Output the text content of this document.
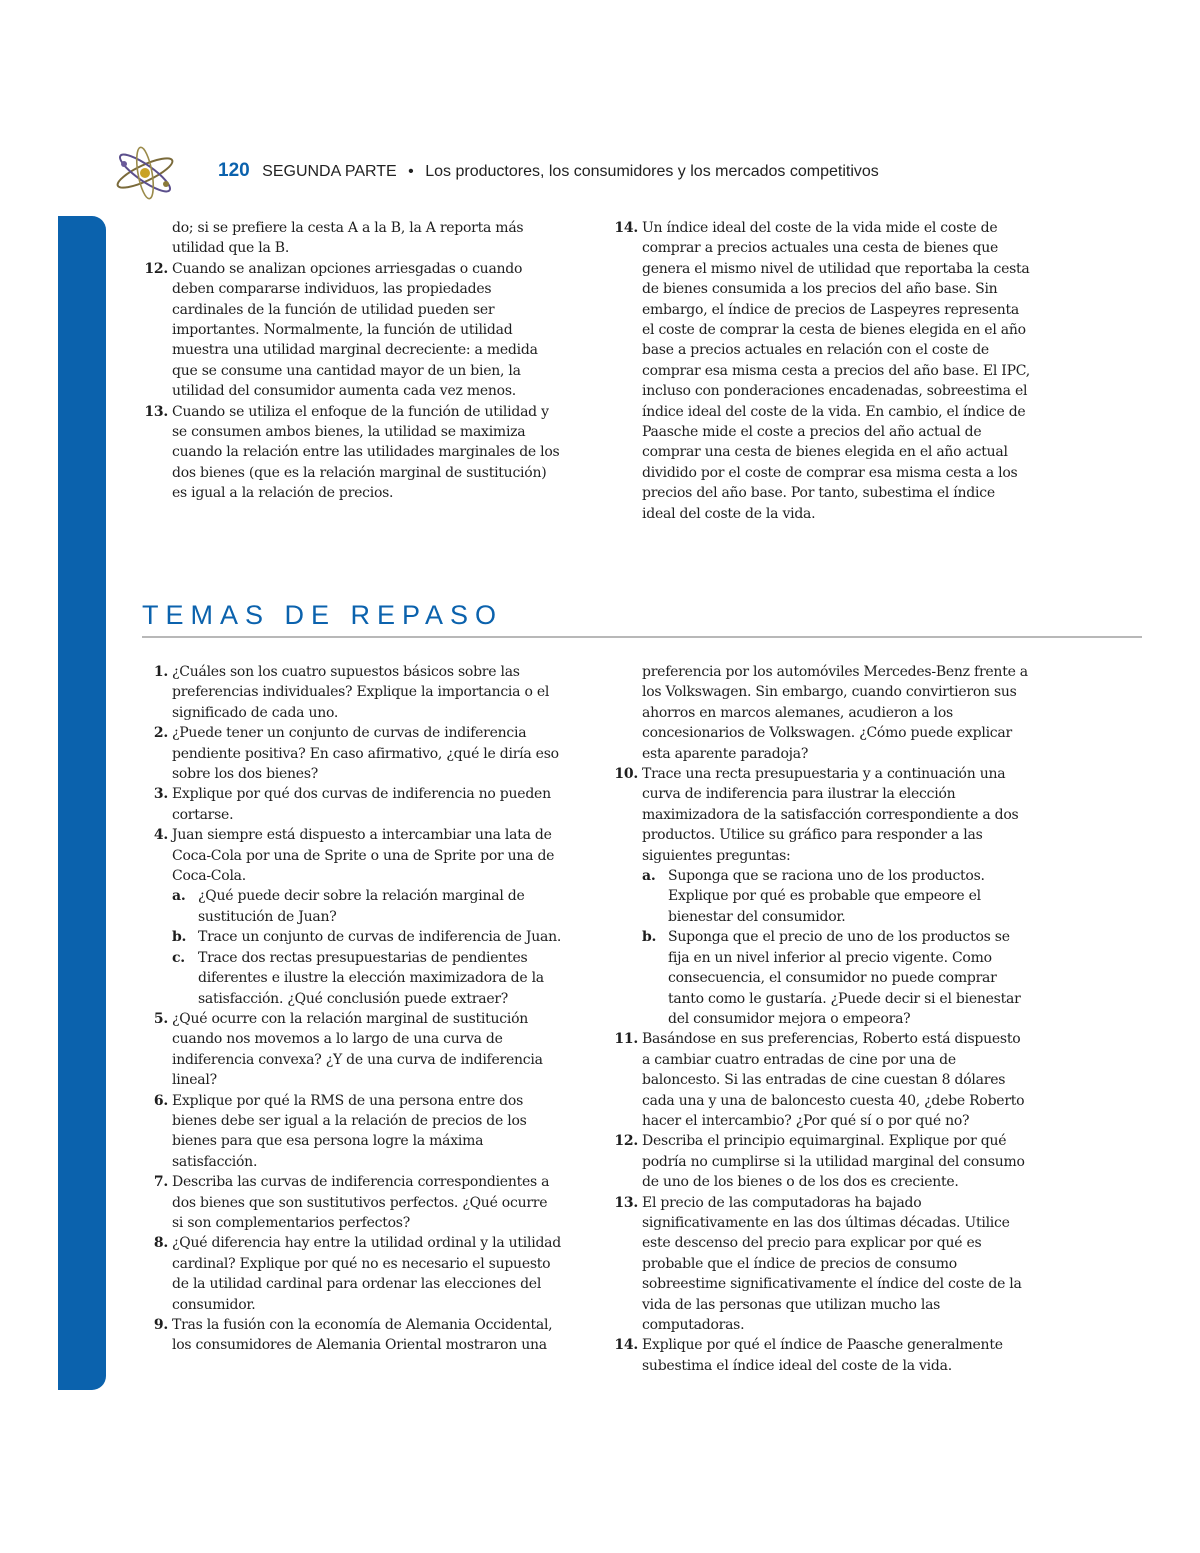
120 SEGUNDA PARTE • Los productores, los consumidores y los mercados competitivos
do; si se prefiere la cesta A a la B, la A reporta más utilidad que la B.
12. Cuando se analizan opciones arriesgadas o cuando deben compararse individuos, las propiedades cardinales de la función de utilidad pueden ser importantes. Normalmente, la función de utilidad muestra una utilidad marginal decreciente: a medida que se consume una cantidad mayor de un bien, la utilidad del consumidor aumenta cada vez menos.
13. Cuando se utiliza el enfoque de la función de utilidad y se consumen ambos bienes, la utilidad se maximiza cuando la relación entre las utilidades marginales de los dos bienes (que es la relación marginal de sustitución) es igual a la relación de precios.
14. Un índice ideal del coste de la vida mide el coste de comprar a precios actuales una cesta de bienes que genera el mismo nivel de utilidad que reportaba la cesta de bienes consumida a los precios del año base. Sin embargo, el índice de precios de Laspeyres representa el coste de comprar la cesta de bienes elegida en el año base a precios actuales en relación con el coste de comprar esa misma cesta a precios del año base. El IPC, incluso con ponderaciones encadenadas, sobreestima el índice ideal del coste de la vida. En cambio, el índice de Paasche mide el coste a precios del año actual de comprar una cesta de bienes elegida en el año actual dividido por el coste de comprar esa misma cesta a los precios del año base. Por tanto, subestima el índice ideal del coste de la vida.
TEMAS DE REPASO
1. ¿Cuáles son los cuatro supuestos básicos sobre las preferencias individuales? Explique la importancia o el significado de cada uno.
2. ¿Puede tener un conjunto de curvas de indiferencia pendiente positiva? En caso afirmativo, ¿qué le diría eso sobre los dos bienes?
3. Explique por qué dos curvas de indiferencia no pueden cortarse.
4. Juan siempre está dispuesto a intercambiar una lata de Coca-Cola por una de Sprite o una de Sprite por una de Coca-Cola.
a. ¿Qué puede decir sobre la relación marginal de sustitución de Juan?
b. Trace un conjunto de curvas de indiferencia de Juan.
c. Trace dos rectas presupuestarias de pendientes diferentes e ilustre la elección maximizadora de la satisfacción. ¿Qué conclusión puede extraer?
5. ¿Qué ocurre con la relación marginal de sustitución cuando nos movemos a lo largo de una curva de indiferencia convexa? ¿Y de una curva de indiferencia lineal?
6. Explique por qué la RMS de una persona entre dos bienes debe ser igual a la relación de precios de los bienes para que esa persona logre la máxima satisfacción.
7. Describa las curvas de indiferencia correspondientes a dos bienes que son sustitutivos perfectos. ¿Qué ocurre si son complementarios perfectos?
8. ¿Qué diferencia hay entre la utilidad ordinal y la utilidad cardinal? Explique por qué no es necesario el supuesto de la utilidad cardinal para ordenar las elecciones del consumidor.
9. Tras la fusión con la economía de Alemania Occidental, los consumidores de Alemania Oriental mostraron una
preferencia por los automóviles Mercedes-Benz frente a los Volkswagen. Sin embargo, cuando convirtieron sus ahorros en marcos alemanes, acudieron a los concesionarios de Volkswagen. ¿Cómo puede explicar esta aparente paradoja?
10. Trace una recta presupuestaria y a continuación una curva de indiferencia para ilustrar la elección maximizadora de la satisfacción correspondiente a dos productos. Utilice su gráfico para responder a las siguientes preguntas:
a. Suponga que se raciona uno de los productos. Explique por qué es probable que empeore el bienestar del consumidor.
b. Suponga que el precio de uno de los productos se fija en un nivel inferior al precio vigente. Como consecuencia, el consumidor no puede comprar tanto como le gustaría. ¿Puede decir si el bienestar del consumidor mejora o empeora?
11. Basándose en sus preferencias, Roberto está dispuesto a cambiar cuatro entradas de cine por una de baloncesto. Si las entradas de cine cuestan 8 dólares cada una y una de baloncesto cuesta 40, ¿debe Roberto hacer el intercambio? ¿Por qué sí o por qué no?
12. Describa el principio equimarginal. Explique por qué podría no cumplirse si la utilidad marginal del consumo de uno de los bienes o de los dos es creciente.
13. El precio de las computadoras ha bajado significativamente en las dos últimas décadas. Utilice este descenso del precio para explicar por qué es probable que el índice de precios de consumo sobreestime significativamente el índice del coste de la vida de las personas que utilizan mucho las computadoras.
14. Explique por qué el índice de Paasche generalmente subestima el índice ideal del coste de la vida.
